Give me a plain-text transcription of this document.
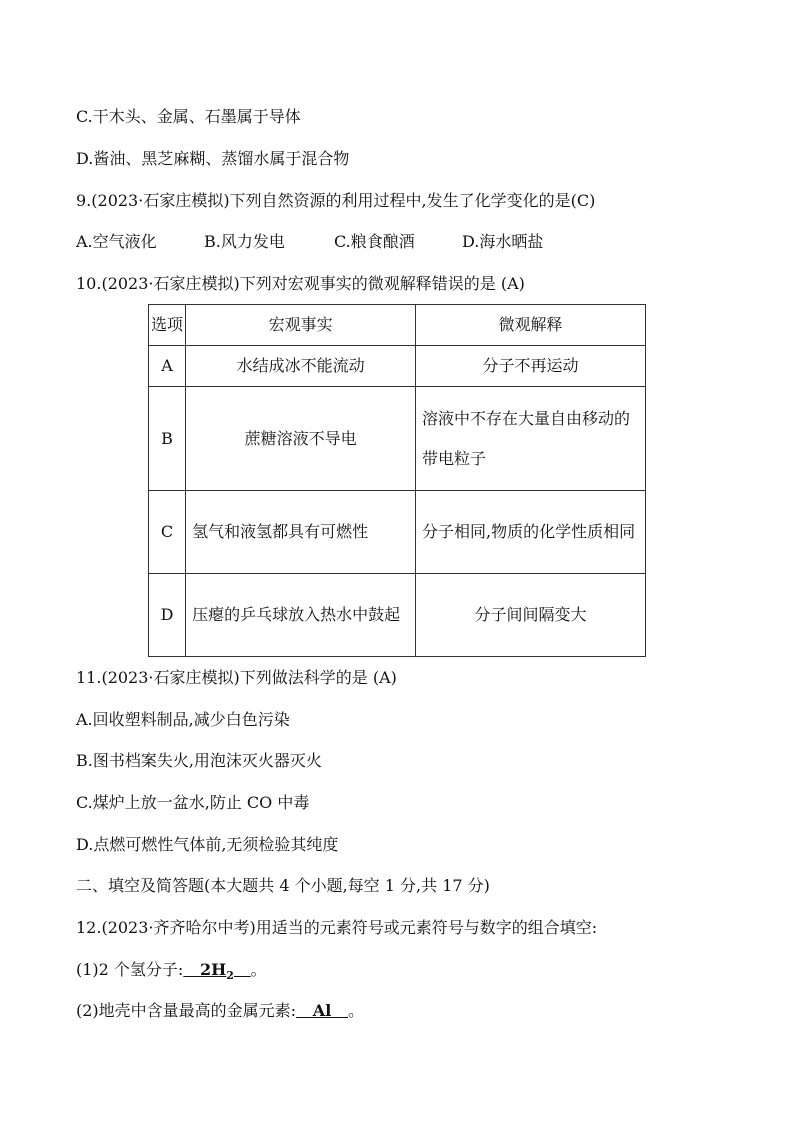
C.干木头、金属、石墨属于导体
D.酱油、黑芝麻糊、蒸馏水属于混合物
9.(2023·石家庄模拟)下列自然资源的利用过程中,发生了化学变化的是(C)
A.空气液化	B.风力发电	C.粮食酿酒	D.海水晒盐
10.(2023·石家庄模拟)下列对宏观事实的微观解释错误的是 (A)
选项	宏观事实	微观解释
A	水结成冰不能流动	分子不再运动
B	蔗糖溶液不导电	溶液中不存在大量自由移动的带电粒子
C	氢气和液氢都具有可燃性	分子相同,物质的化学性质相同
D	压瘪的乒乓球放入热水中鼓起	分子间间隔变大
11.(2023·石家庄模拟)下列做法科学的是 (A)
A.回收塑料制品,减少白色污染
B.图书档案失火,用泡沫灭火器灭火
C.煤炉上放一盆水,防止 CO 中毒
D.点燃可燃性气体前,无须检验其纯度
二、填空及简答题(本大题共 4 个小题,每空 1 分,共 17 分)
12.(2023·齐齐哈尔中考)用适当的元素符号或元素符号与数字的组合填空:
(1)2 个氢分子: $2H_2$ 。
(2)地壳中含量最高的金属元素: Al 。
